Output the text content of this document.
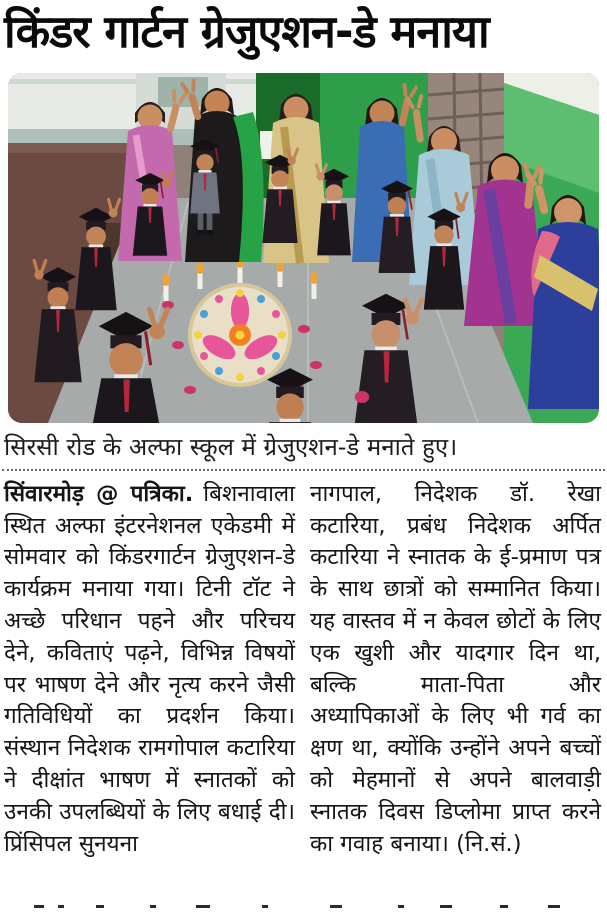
किंडर गार्टन ग्रेजुएशन-डे मनाया
सिरसी रोड के अल्फा स्कूल में ग्रेजुएशन-डे मनाते हुए।
सिंवारमोड़ @ पत्रिका. बिशनावाला स्थित अल्फा इंटरनेशनल एकेडमी में सोमवार को किंडरगार्टन ग्रेजुएशन-डे कार्यक्रम मनाया गया। टिनी टॉट ने अच्छे परिधान पहने और परिचय देने, कविताएं पढ़ने, विभिन्न विषयों पर भाषण देने और नृत्य करने जैसी गतिविधियों का प्रदर्शन किया। संस्थान निदेशक रामगोपाल कटारिया ने दीक्षांत भाषण में स्नातकों को उनकी उपलब्धियों के लिए बधाई दी। प्रिंसिपल सुनयना
नागपाल, निदेशक डॉ. रेखा कटारिया, प्रबंध निदेशक अर्पित कटारिया ने स्नातक के ई-प्रमाण पत्र के साथ छात्रों को सम्मानित किया। यह वास्तव में न केवल छोटों के लिए एक खुशी और यादगार दिन था, बल्कि माता-पिता और अध्यापिकाओं के लिए भी गर्व का क्षण था, क्योंकि उन्होंने अपने बच्चों को मेहमानों से अपने बालवाड़ी स्नातक दिवस डिप्लोमा प्राप्त करने का गवाह बनाया। (नि.सं.)
